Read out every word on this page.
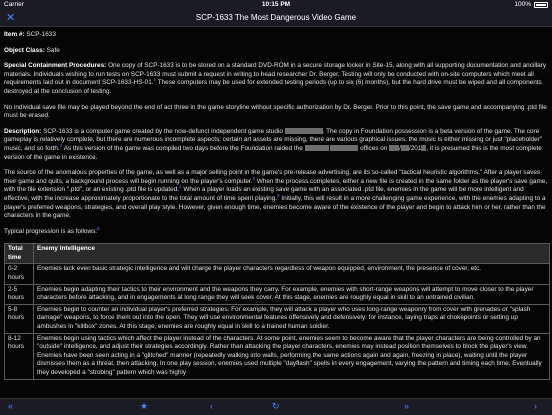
Carrier	10:15 PM	100%
✕	SCP-1633 The Most Dangerous Video Game

Item #: SCP-1633

Object Class: Safe

Special Containment Procedures: One copy of SCP-1633 is to be stored on a standard DVD-ROM in a secure storage locker in Site-15, along with all supporting documentation and ancillary materials. Individuals wishing to run tests on SCP-1633 must submit a request in writing to head researcher Dr. Berger. Testing will only be conducted with on-site computers which meet all requirements laid out in document SCP-1633-HS-01.$^1$ These computers may be used for extended testing periods (up to six (6) months), but the hard drive must be wiped and all components destroyed at the conclusion of testing.

No individual save file may be played beyond the end of act three in the game storyline without specific authorization by Dr. Berger. Prior to this point, the save game and accompanying .ptd file must be erased.

Description: SCP-1633 is a computer game created by the now-defunct independent game studio	. The copy in Foundation possession is a beta version of the game. The core gameplay is relatively complete, but there are numerous incomplete aspects: certain art assets are missing, there are various graphical issues, the music is either missing or just "placeholder" music, and so forth.$^2$ As this version of the game was compiled two days before the Foundation raided the	offices on	/201 , it is presumed this is the most complete version of the game in existence.

The source of the anomalous properties of the game, as well as a major selling point in the game's pre-release advertising, are its so-called "tactical heuristic algorithms." After a player saves their game and quits, a background process will begin running on the player's computer.$^3$ When the process completes, either a new file is created in the same folder as the player's save game, with the file extension ".ptd", or an existing .ptd file is updated.$^4$ When a player loads an existing save game with an associated .ptd file, enemies in the game will be more intelligent and effective, with the increase approximately proportionate to the total amount of time spent playing.$^5$ Initially, this will result in a more challenging game experience, with the enemies adapting to a player's preferred weapons, strategies, and overall play style. However, given enough time, enemies become aware of the existence of the player and begin to attack him or her, rather than the characters in the game.

Typical progression is as follows:$^6$

Total time	Enemy intelligence
0-2 hours	Enemies lack even basic strategic intelligence and will charge the player characters regardless of weapon equipped, environment, the presence of cover, etc.
2-5 hours	Enemies begin adapting their tactics to their environment and the weapons they carry. For example, enemies with short-range weapons will attempt to move closer to the player characters before attacking, and in engagements at long range they will seek cover. At this stage, enemies are roughly equal in skill to an untrained civilian.
5-8 hours	Enemies begin to counter an individual player's preferred strategies. For example, they will attack a player who uses long-range weaponry from cover with grenades or "splash damage" weapons, to force them out into the open. They will use environmental features offensively and defensively: for instance, laying traps at chokepoints or setting up ambushes in "killbox" zones. At this stage, enemies are roughly equal in skill to a trained human soldier.
8-12 hours	Enemies begin using tactics which affect the player instead of the characters. At some point, enemies seem to become aware that the player characters are being controlled by an "outside" intelligence, and adjust their strategies accordingly. Rather than attacking the player characters, enemies may instead position themselves to block the player's view. Enemies have been seen acting in a "glitched" manner (repeatedly walking into walls, performing the same actions again and again, freezing in place), waiting until the player dismisses them as a threat, then attacking. In one play session, enemies used multiple "dayflash" spells in every engagement, varying the pattern and timing each time. Eventually they developed a "strobing" pattern which was highly
«	★	‹	↻	»	›
